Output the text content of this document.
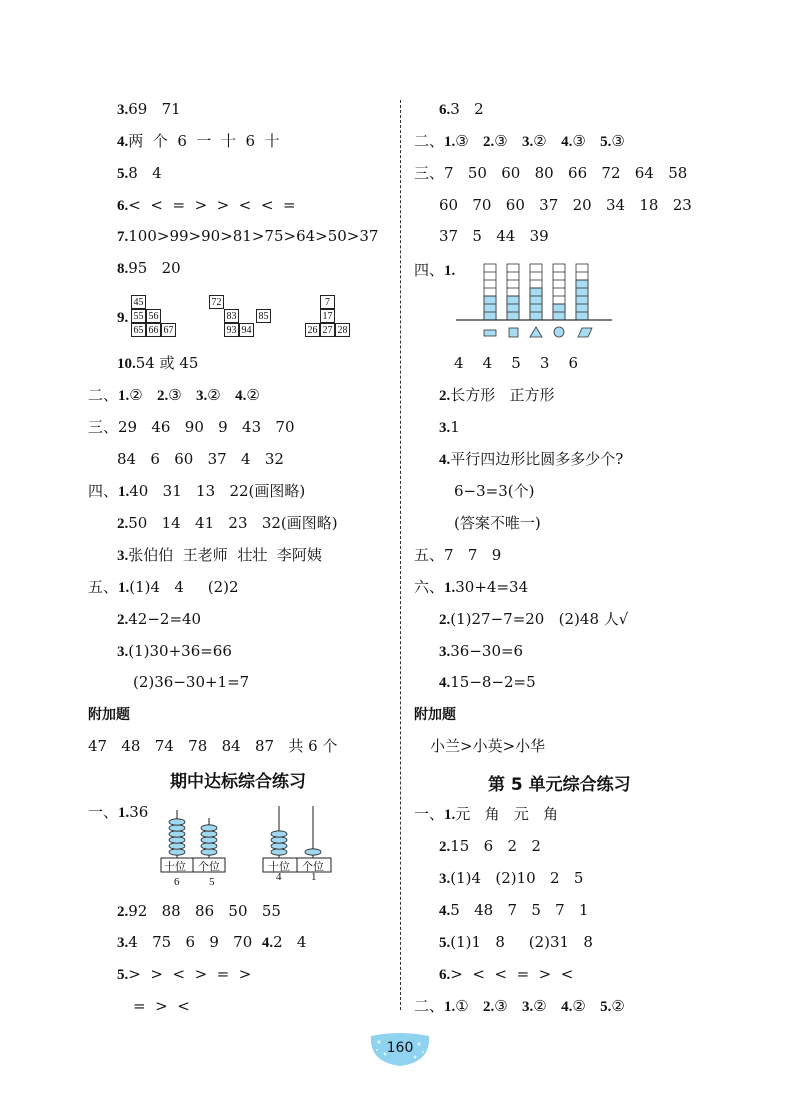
3.69   71
4.两  个  6  一  十  6  十
5.8   4
6.<  <  =  >  >  <  <  =
7.100>99>90>81>75>64>50>37
8.95   20
9.
45
55 56
65 66 67
72
83 85
93 94
7
17
26 27 28
10.54 或 45
二、1.② 2.③ 3.② 4.②
三、29   46   90   9   43   70
84   6   60   37   4   32
四、1.40   31   13   22(画图略)
2.50   14   41   23   32(画图略)
3.张伯伯  王老师  壮壮  李阿姨
五、1.(1)4   4     (2)2
2.42−2=40
3.(1)30+36=66
(2)36−30+1=7
附加题
47   48   74   78   84   87   共 6 个
期中达标综合练习
一、1.36
十位 个位	十位 个位
6	5	4	1
2.92   88   86   50   55
3.4   75   6   9   70  4.2   4
5.>  >  <  >  =  >
=  >  <
6.3   2
二、1.③ 2.③ 3.② 4.③ 5.③
三、7   50   60   80   66   72   64   58
60   70   60   37   20   34   18   23
37   5   44   39
四、1.
4    4    5    3    6
2.长方形   正方形
3.1
4.平行四边形比圆多多少个?
6−3=3(个)
(答案不唯一)
五、7   7   9
六、1.30+4=34
2.(1)27−7=20   (2)48 人√
3.36−30=6
4.15−8−2=5
附加题
小兰>小英>小华
第 5 单元综合练习
一、1.元   角   元   角
2.15   6   2   2
3.(1)4   (2)10   2   5
4.5   48   7   5   7   1
5.(1)1   8     (2)31   8
6.>  <  <  =  >  <
二、1.① 2.③ 3.② 4.② 5.②
160
